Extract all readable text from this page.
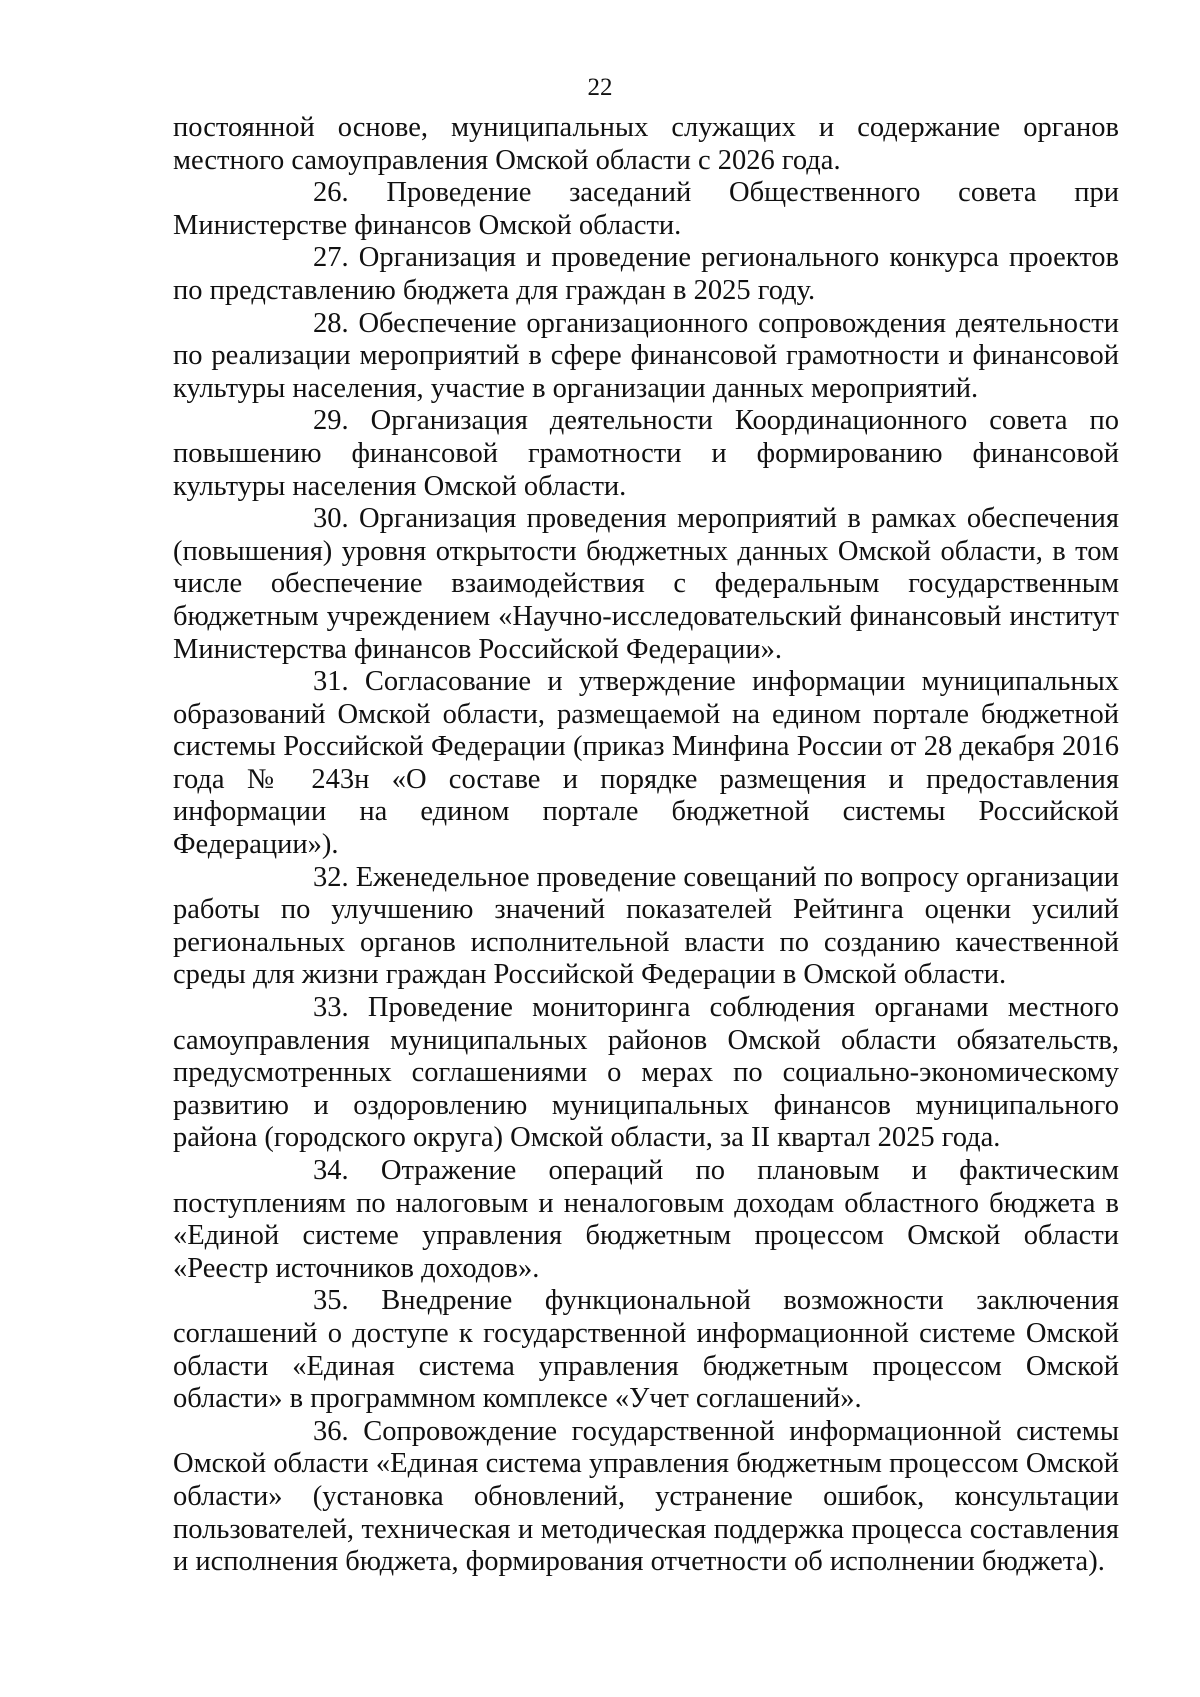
22

постоянной основе, муниципальных служащих и содержание органов местного самоуправления Омской области с 2026 года.

26. Проведение заседаний Общественного совета при Министерстве финансов Омской области.

27. Организация и проведение регионального конкурса проектов по представлению бюджета для граждан в 2025 году.

28. Обеспечение организационного сопровождения деятельности по реализации мероприятий в сфере финансовой грамотности и финансовой культуры населения, участие в организации данных мероприятий.

29. Организация деятельности Координационного совета по повышению финансовой грамотности и формированию финансовой культуры населения Омской области.

30. Организация проведения мероприятий в рамках обеспечения (повышения) уровня открытости бюджетных данных Омской области, в том числе обеспечение взаимодействия с федеральным государственным бюджетным учреждением «Научно-исследовательский финансовый институт Министерства финансов Российской Федерации».

31. Согласование и утверждение информации муниципальных образований Омской области, размещаемой на едином портале бюджетной системы Российской Федерации (приказ Минфина России от 28 декабря 2016 года № 243н «О составе и порядке размещения и предоставления информации на едином портале бюджетной системы Российской Федерации»).

32. Еженедельное проведение совещаний по вопросу организации работы по улучшению значений показателей Рейтинга оценки усилий региональных органов исполнительной власти по созданию качественной среды для жизни граждан Российской Федерации в Омской области.

33. Проведение мониторинга соблюдения органами местного самоуправления муниципальных районов Омской области обязательств, предусмотренных соглашениями о мерах по социально-экономическому развитию и оздоровлению муниципальных финансов муниципального района (городского округа) Омской области, за II квартал 2025 года.

34. Отражение операций по плановым и фактическим поступлениям по налоговым и неналоговым доходам областного бюджета в «Единой системе управления бюджетным процессом Омской области «Реестр источников доходов».

35. Внедрение функциональной возможности заключения соглашений о доступе к государственной информационной системе Омской области «Единая система управления бюджетным процессом Омской области» в программном комплексе «Учет соглашений».

36. Сопровождение государственной информационной системы Омской области «Единая система управления бюджетным процессом Омской области» (установка обновлений, устранение ошибок, консультации пользователей, техническая и методическая поддержка процесса составления и исполнения бюджета, формирования отчетности об исполнении бюджета).
